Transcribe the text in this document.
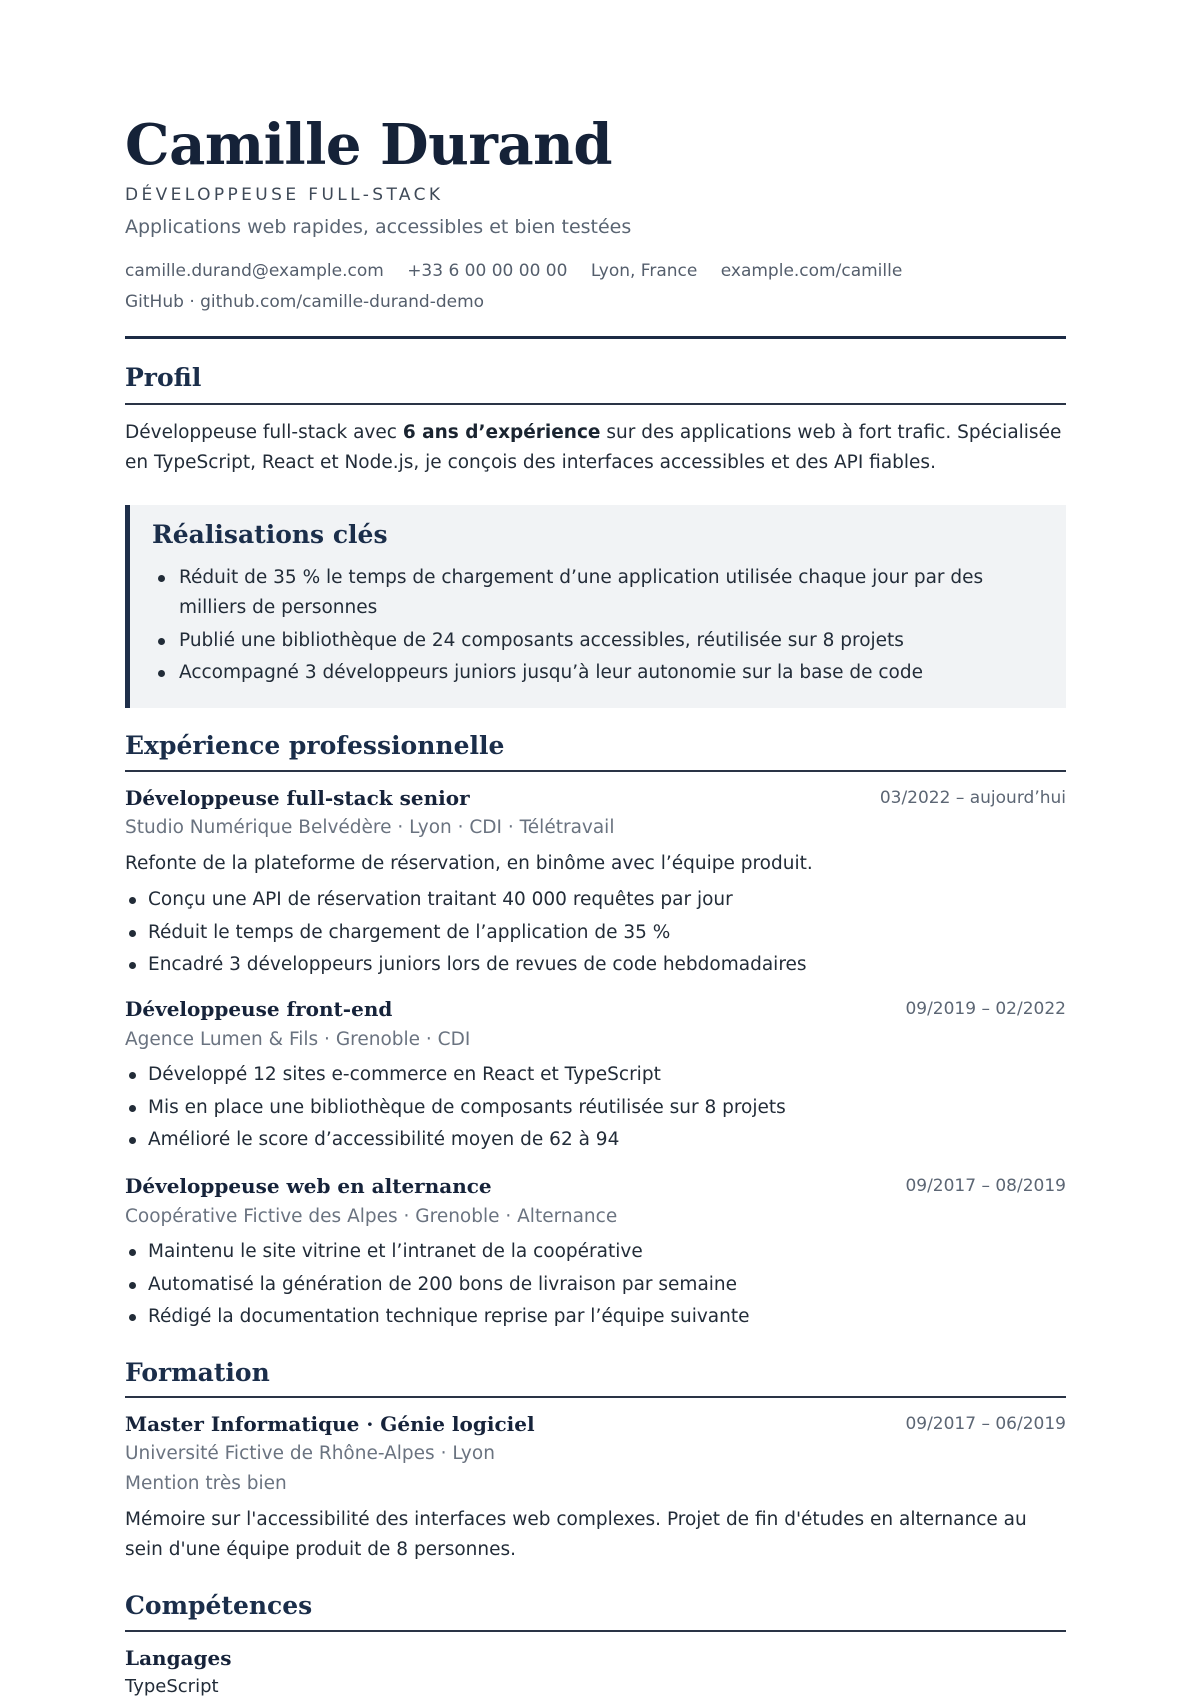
Camille Durand
DÉVELOPPEUSE FULL-STACK
Applications web rapides, accessibles et bien testées
camille.durand@example.com +33 6 00 00 00 00 Lyon, France example.com/camille
GitHub · github.com/camille-durand-demo
Profil
Développeuse full-stack avec 6 ans d’expérience sur des applications web à fort trafic. Spécialisée en TypeScript, React et Node.js, je conçois des interfaces accessibles et des API fiables.
Réalisations clés
Réduit de 35 % le temps de chargement d’une application utilisée chaque jour par des milliers de personnes
Publié une bibliothèque de 24 composants accessibles, réutilisée sur 8 projets
Accompagné 3 développeurs juniors jusqu’à leur autonomie sur la base de code
Expérience professionnelle
Développeuse full-stack senior	03/2022 – aujourd’hui
Studio Numérique Belvédère · Lyon · CDI · Télétravail
Refonte de la plateforme de réservation, en binôme avec l’équipe produit.
Conçu une API de réservation traitant 40 000 requêtes par jour
Réduit le temps de chargement de l’application de 35 %
Encadré 3 développeurs juniors lors de revues de code hebdomadaires
Développeuse front-end	09/2019 – 02/2022
Agence Lumen & Fils · Grenoble · CDI
Développé 12 sites e-commerce en React et TypeScript
Mis en place une bibliothèque de composants réutilisée sur 8 projets
Amélioré le score d’accessibilité moyen de 62 à 94
Développeuse web en alternance	09/2017 – 08/2019
Coopérative Fictive des Alpes · Grenoble · Alternance
Maintenu le site vitrine et l’intranet de la coopérative
Automatisé la génération de 200 bons de livraison par semaine
Rédigé la documentation technique reprise par l’équipe suivante
Formation
Master Informatique · Génie logiciel	09/2017 – 06/2019
Université Fictive de Rhône-Alpes · Lyon
Mention très bien
Mémoire sur l'accessibilité des interfaces web complexes. Projet de fin d'études en alternance au sein d'une équipe produit de 8 personnes.
Compétences
Langages
TypeScript
